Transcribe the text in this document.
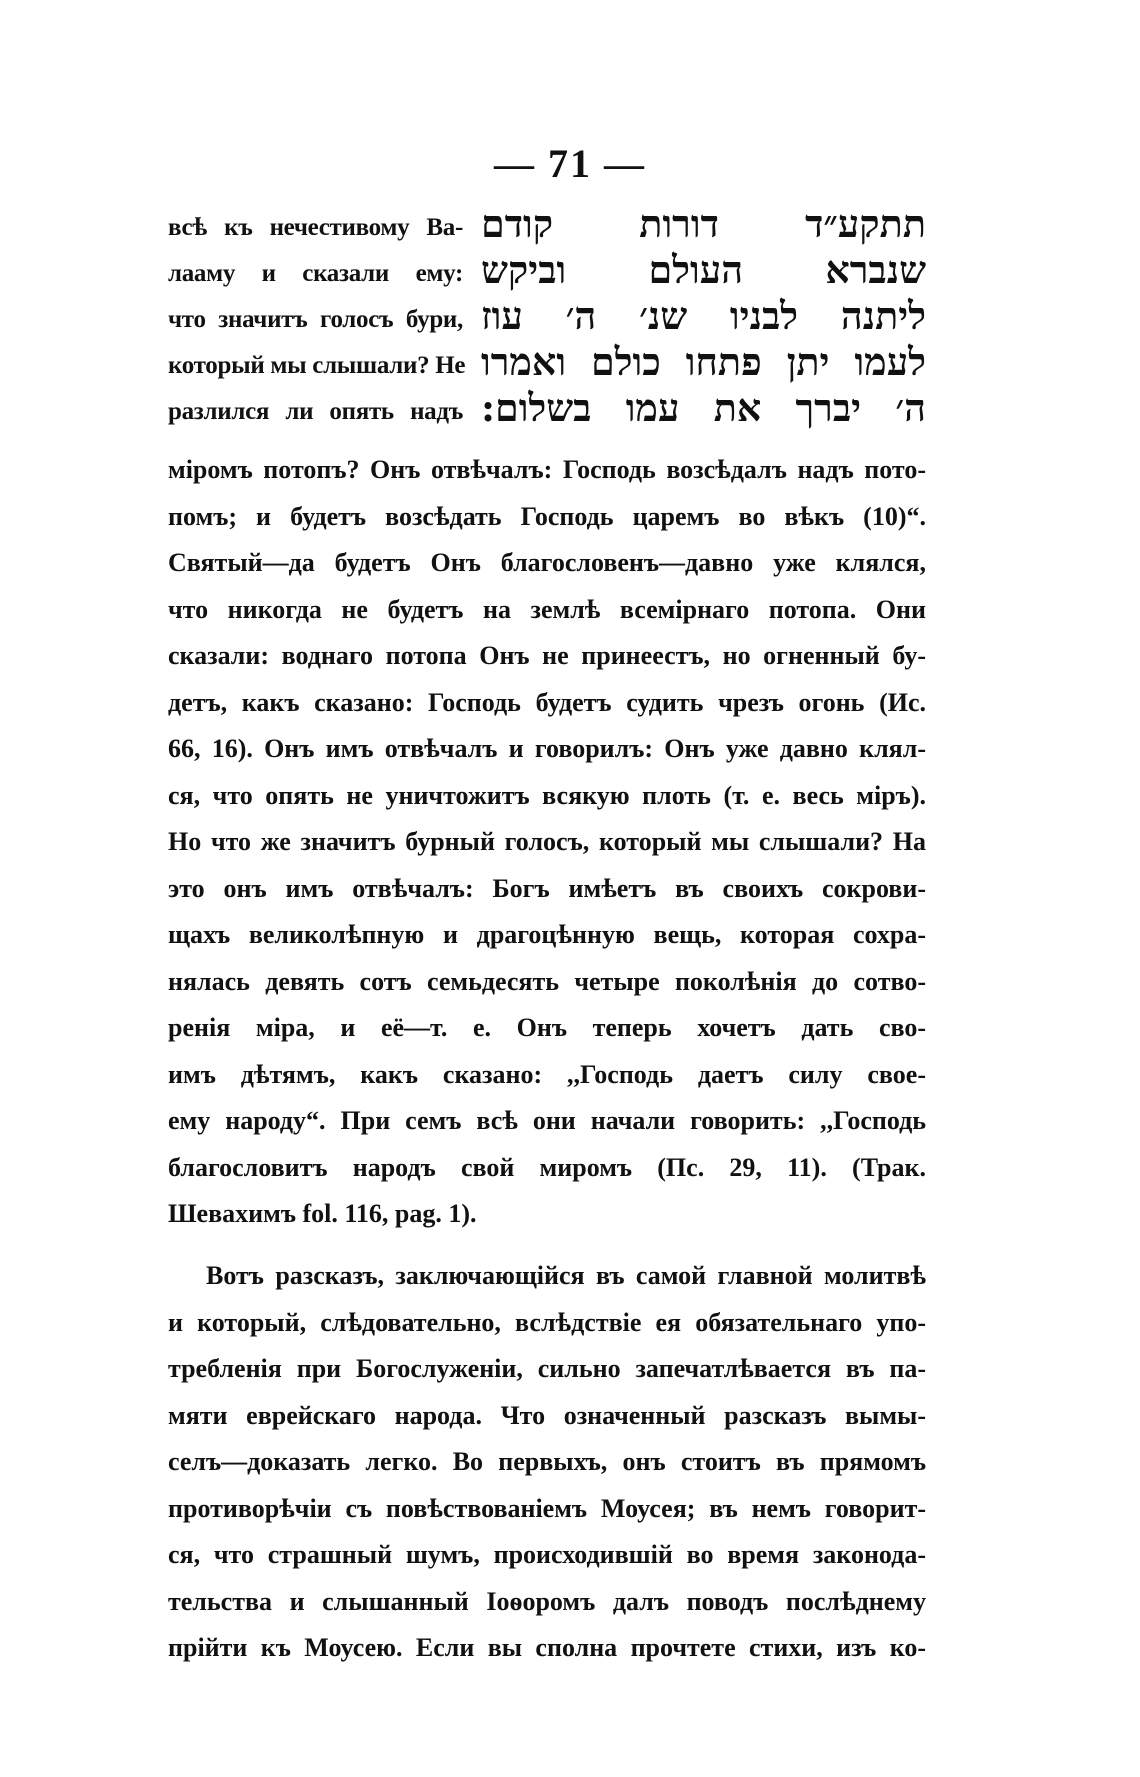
— 71 —
всѣ къ нечестивому Ва-
лааму и сказали ему:
что значитъ голосъ бури,
который мы слышали? Не
разлился ли опять надъ
תתקע״ד דורות קודם
שנברא העולם וביקש
ליתנה לבניו שנ׳ ה׳ עוז
לעמו יתן פתחו כולם ואמרו
ה׳ יברך את עמו בשלום:
міромъ потопъ? Онъ отвѣчалъ: Господь возсѣдалъ надъ пото-
помъ; и будетъ возсѣдать Господь царемъ во вѣкъ (10)“.
Святый—да будетъ Онъ благословенъ—давно уже клялся,
что никогда не будетъ на землѣ всемірнаго потопа. Они
сказали: воднаго потопа Онъ не принеестъ, но огненный бу-
детъ, какъ сказано: Господь будетъ судить чрезъ огонь (Ис.
66, 16). Онъ имъ отвѣчалъ и говорилъ: Онъ уже давно клял-
ся, что опять не уничтожитъ всякую плоть (т. е. весь міръ).
Но что же значитъ бурный голосъ, который мы слышали? На
это онъ имъ отвѣчалъ: Богъ имѣетъ въ своихъ сокрови-
щахъ великолѣпную и драгоцѣнную вещь, которая сохра-
нялась девять сотъ семьдесять четыре поколѣнія до сотво-
ренія міра, и её—т. е. Онъ теперь хочетъ дать сво-
имъ дѣтямъ, какъ сказано: ,,Господь даетъ силу свое-
ему народу“. При семъ всѣ они начали говорить: ,,Господь
благословитъ народъ свой миромъ (Пс. 29, 11). (Трак.
Шевахимъ fol. 116, pag. 1).
Вотъ разсказъ, заключающійся въ самой главной молитвѣ
и который, слѣдовательно, вслѣдствіе ея обязательнаго упо-
требленія при Богослуженіи, сильно запечатлѣвается въ па-
мяти еврейскаго народа. Что означенный разсказъ вымы-
селъ—доказать легко. Во первыхъ, онъ стоитъ въ прямомъ
противорѣчіи съ повѣствованіемъ Моусея; въ немъ говорит-
ся, что страшный шумъ, происходившій во время законода-
тельства и слышанный Іоѳоромъ далъ поводъ послѣднему
прійти къ Моусею. Если вы сполна прочтете стихи, изъ ко-
